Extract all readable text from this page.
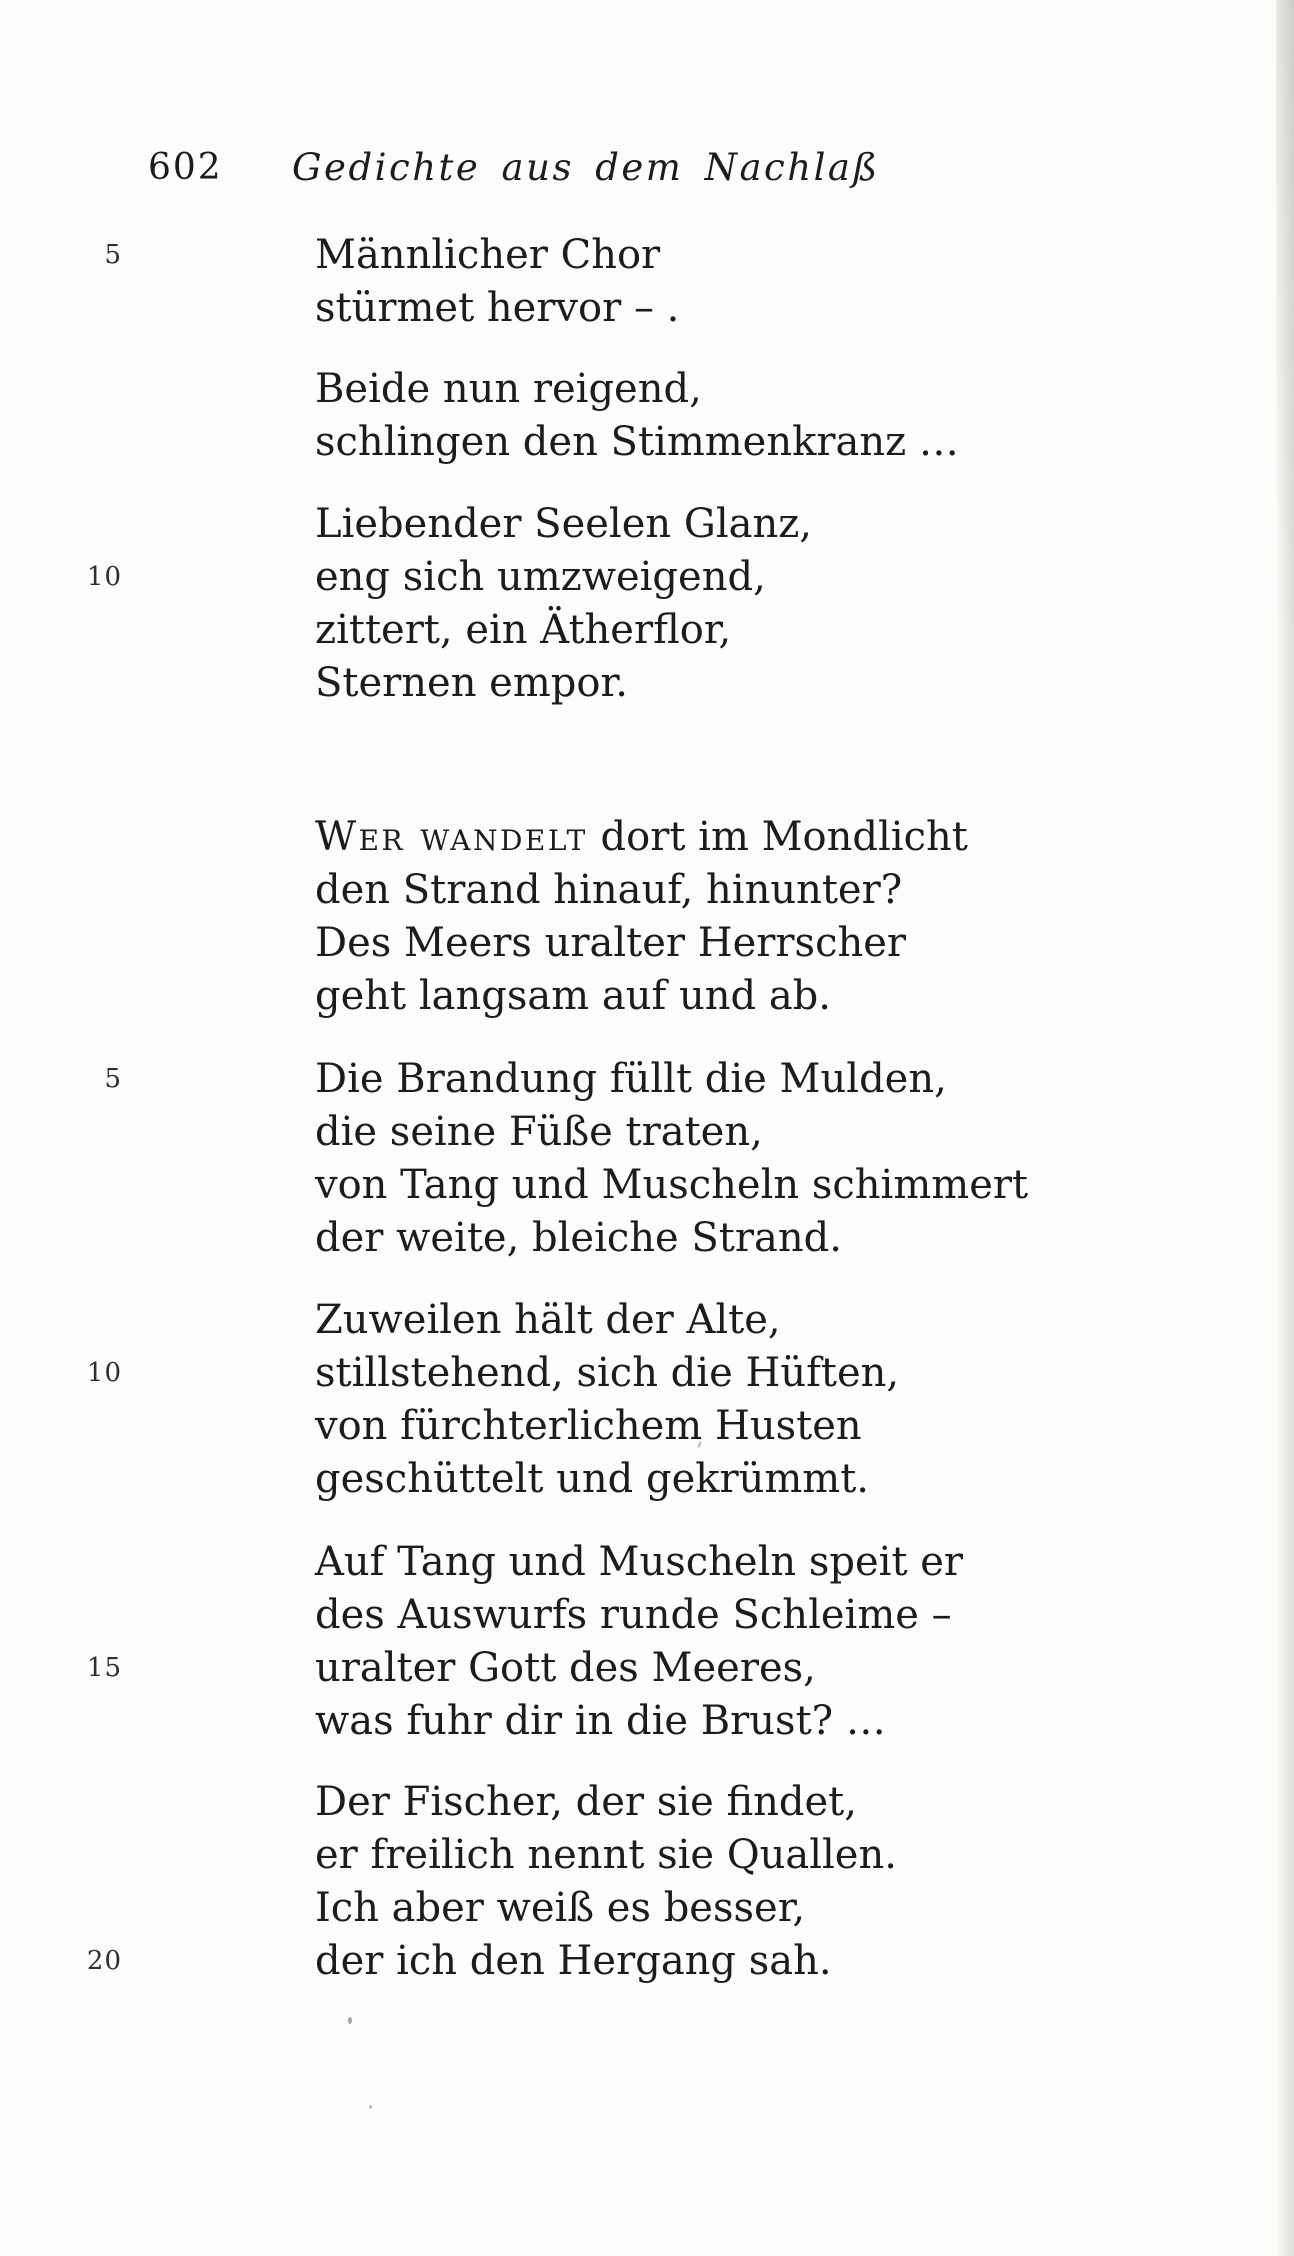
602 Gedichte aus dem Nachlaß
5	Männlicher Chor
stürmet hervor – .
Beide nun reigend,
schlingen den Stimmenkranz …
Liebender Seelen Glanz,
10	eng sich umzweigend,
zittert, ein Ätherflor,
Sternen empor.
Wer wandelt dort im Mondlicht
den Strand hinauf, hinunter?
Des Meers uralter Herrscher
geht langsam auf und ab.
5	Die Brandung füllt die Mulden,
die seine Füße traten,
von Tang und Muscheln schimmert
der weite, bleiche Strand.
Zuweilen hält der Alte,
10	stillstehend, sich die Hüften,
von fürchterlichem Husten
geschüttelt und gekrümmt.
Auf Tang und Muscheln speit er
des Auswurfs runde Schleime –
15	uralter Gott des Meeres,
was fuhr dir in die Brust? …
Der Fischer, der sie findet,
er freilich nennt sie Quallen.
Ich aber weiß es besser,
20	der ich den Hergang sah.
